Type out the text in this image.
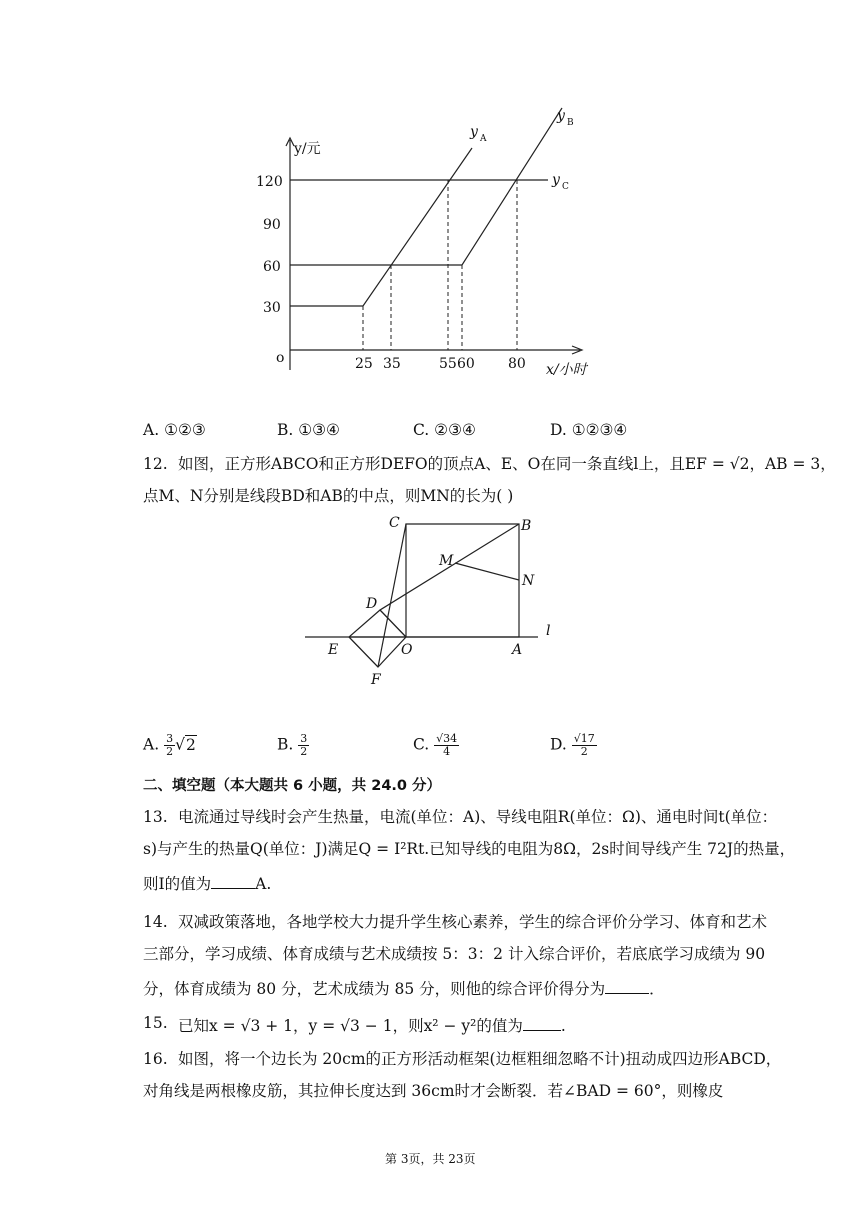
y/元
x/小时
o
120
90
60
30
25 35	55 60 80
y A
y B
y C
A. ①②③	B. ①③④	C. ②③④	D. ①②③④
12. 如图，正方形ABCO和正方形DEFO的顶点A、E、O在同一条直线l上，且EF = √2，AB = 3，
点M、N分别是线段BD和AB的中点，则MN的长为( )
C	B
M
N
D
l
E	O	A
F
A. $\frac{3}{2} √2$	B. $\frac{3}{2}$	C. $\frac{√34}{4}$	D. $\frac{√17}{2}$
二、填空题（本大题共 6 小题，共 24.0 分）
13. 电流通过导线时会产生热量，电流(单位：A)、导线电阻R(单位：Ω)、通电时间t(单位：
s)与产生的热量Q(单位：J)满足Q = I²Rt.已知导线的电阻为8Ω，2s时间导线产生 72J的热量，
则I的值为	A.
14. 双减政策落地，各地学校大力提升学生核心素养，学生的综合评价分学习、体育和艺术
三部分，学习成绩、体育成绩与艺术成绩按 5：3：2 计入综合评价，若底底学习成绩为 90
分，体育成绩为 80 分，艺术成绩为 85 分，则他的综合评价得分为	．
15. 已知x = √3 + 1，y = √3 − 1，则x² − y²的值为 .
16. 如图，将一个边长为 20cm的正方形活动框架(边框粗细忽略不计)扭动成四边形ABCD，
对角线是两根橡皮筋，其拉伸长度达到 36cm时才会断裂．若∠BAD = 60°，则橡皮
第 3页，共 23页
